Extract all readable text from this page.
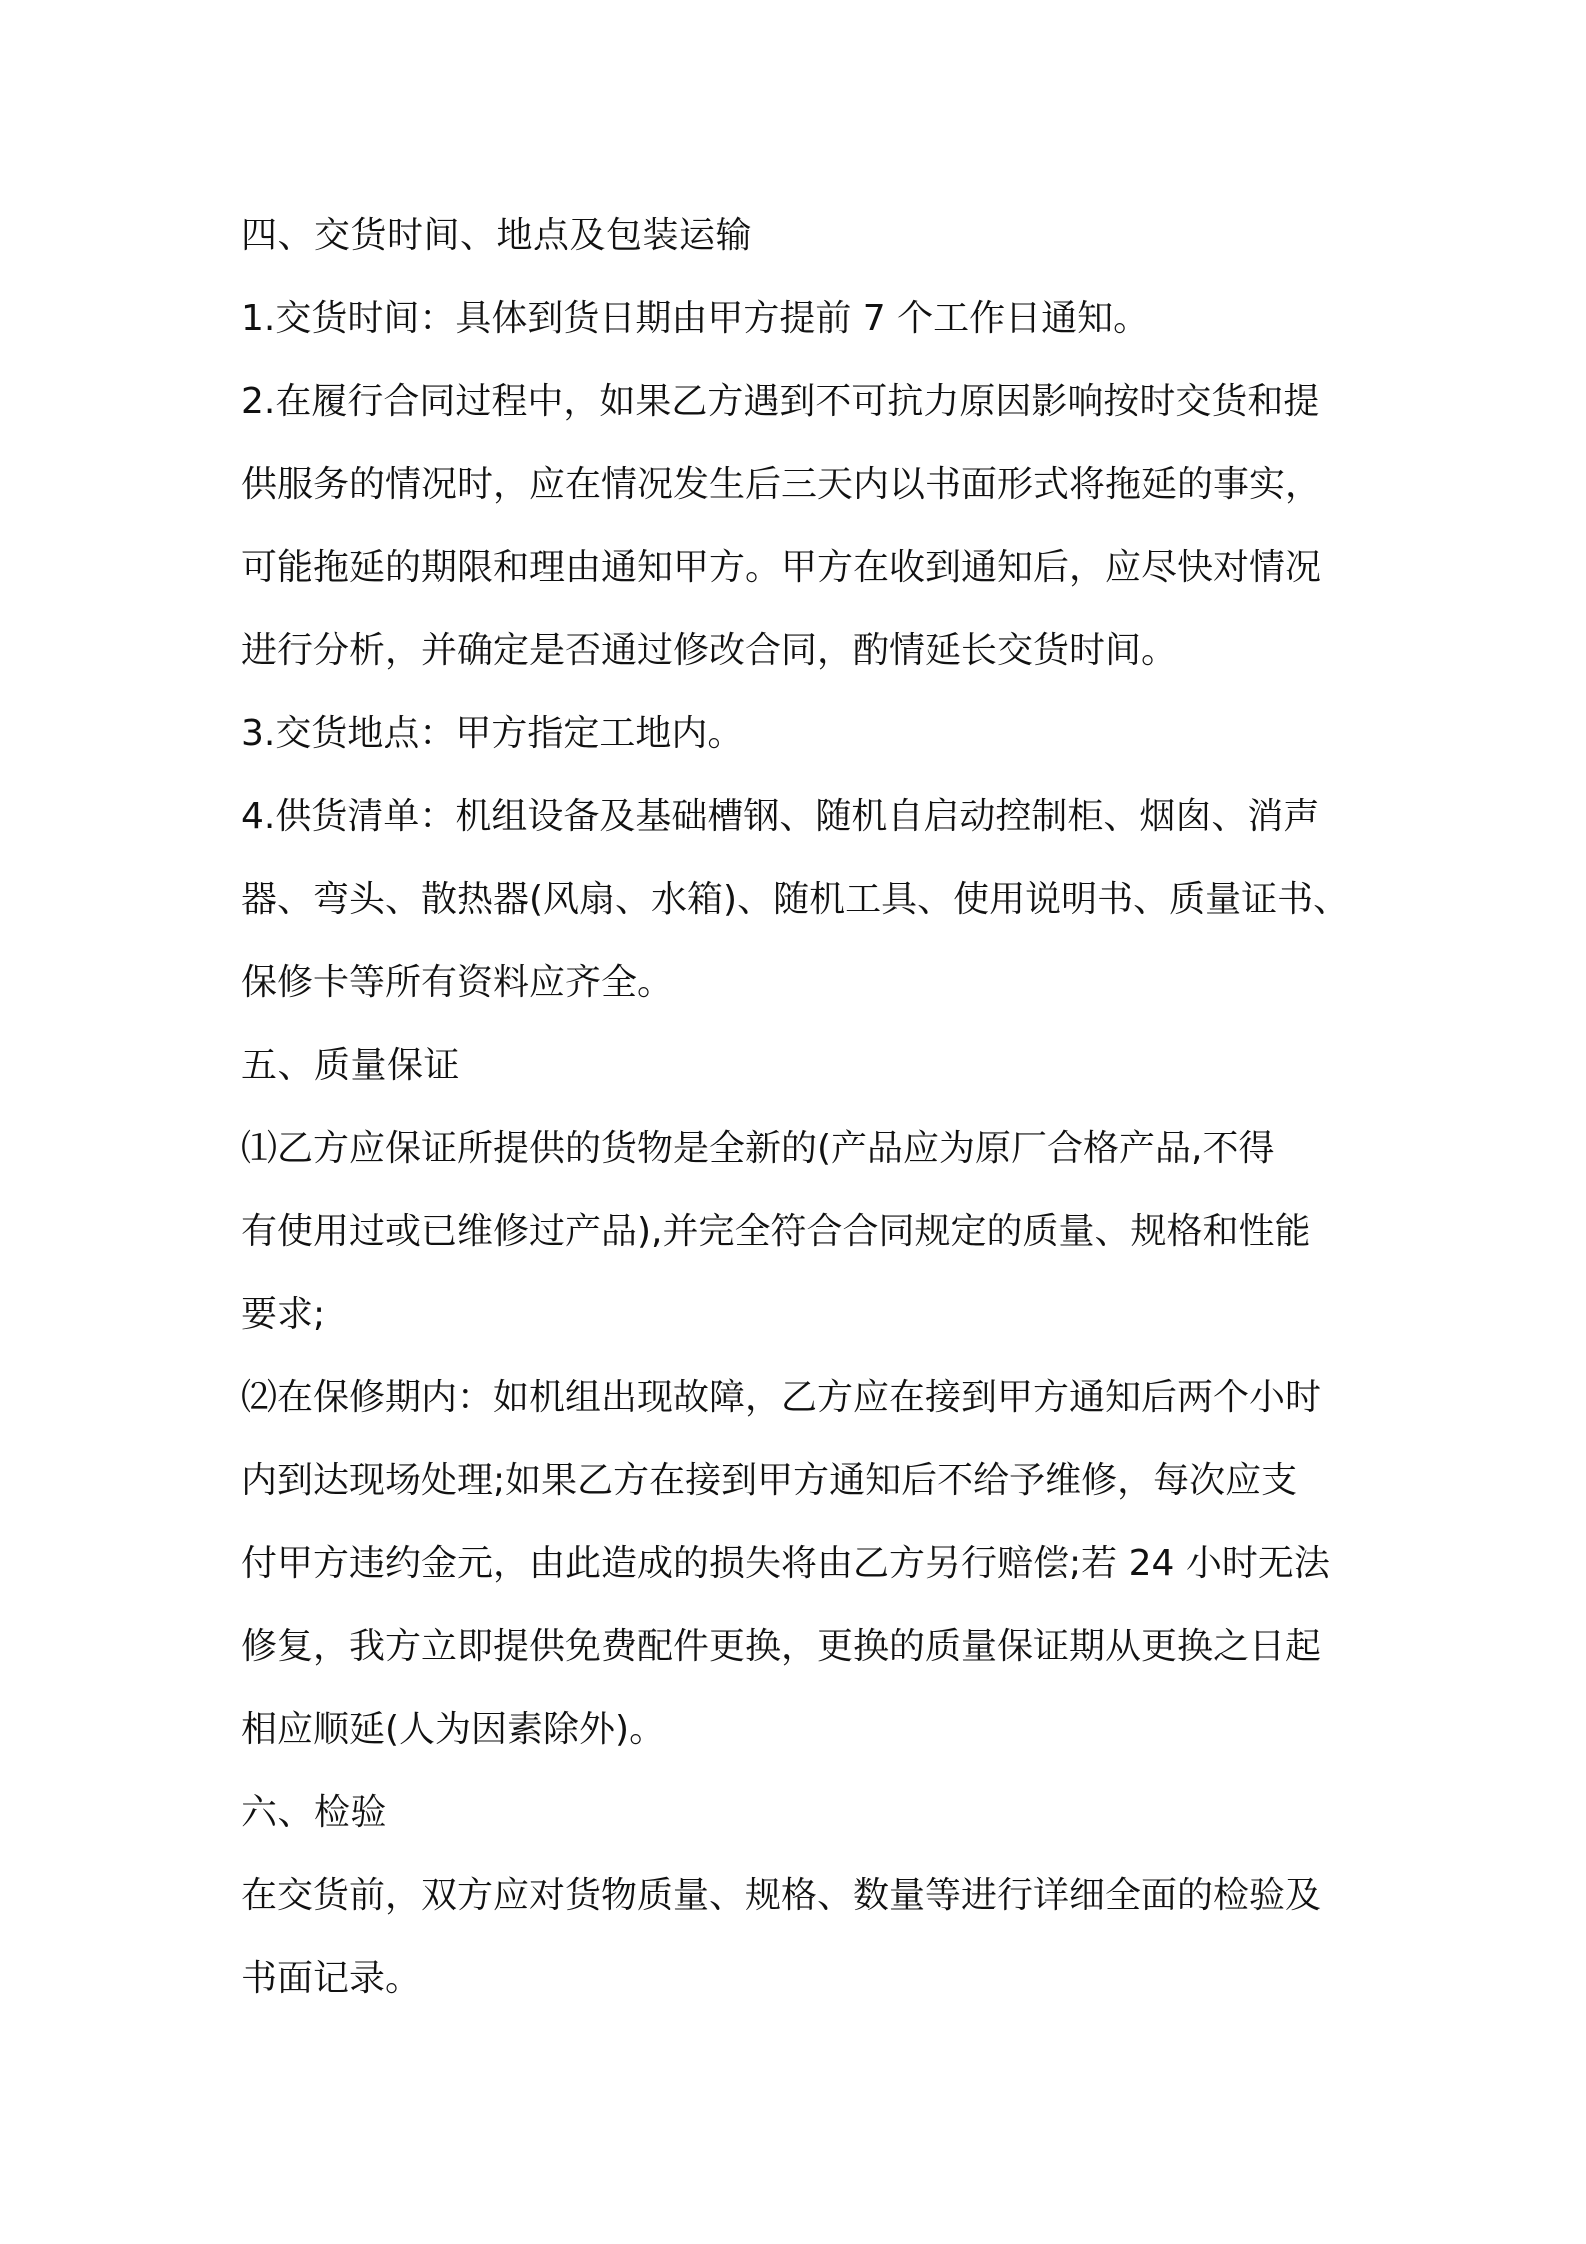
四、交货时间、地点及包装运输
1.交货时间：具体到货日期由甲方提前 7 个工作日通知。
2.在履行合同过程中，如果乙方遇到不可抗力原因影响按时交货和提
供服务的情况时，应在情况发生后三天内以书面形式将拖延的事实，
可能拖延的期限和理由通知甲方。甲方在收到通知后，应尽快对情况
进行分析，并确定是否通过修改合同，酌情延长交货时间。
3.交货地点：甲方指定工地内。
4.供货清单：机组设备及基础槽钢、随机自启动控制柜、烟囱、消声
器、弯头、散热器(风扇、水箱)、随机工具、使用说明书、质量证书、
保修卡等所有资料应齐全。
五、质量保证
⑴乙方应保证所提供的货物是全新的(产品应为原厂合格产品,不得
有使用过或已维修过产品),并完全符合合同规定的质量、规格和性能
要求;
⑵在保修期内：如机组出现故障，乙方应在接到甲方通知后两个小时
内到达现场处理;如果乙方在接到甲方通知后不给予维修，每次应支
付甲方违约金元，由此造成的损失将由乙方另行赔偿;若 24 小时无法
修复，我方立即提供免费配件更换，更换的质量保证期从更换之日起
相应顺延(人为因素除外)。
六、检验
在交货前，双方应对货物质量、规格、数量等进行详细全面的检验及
书面记录。
